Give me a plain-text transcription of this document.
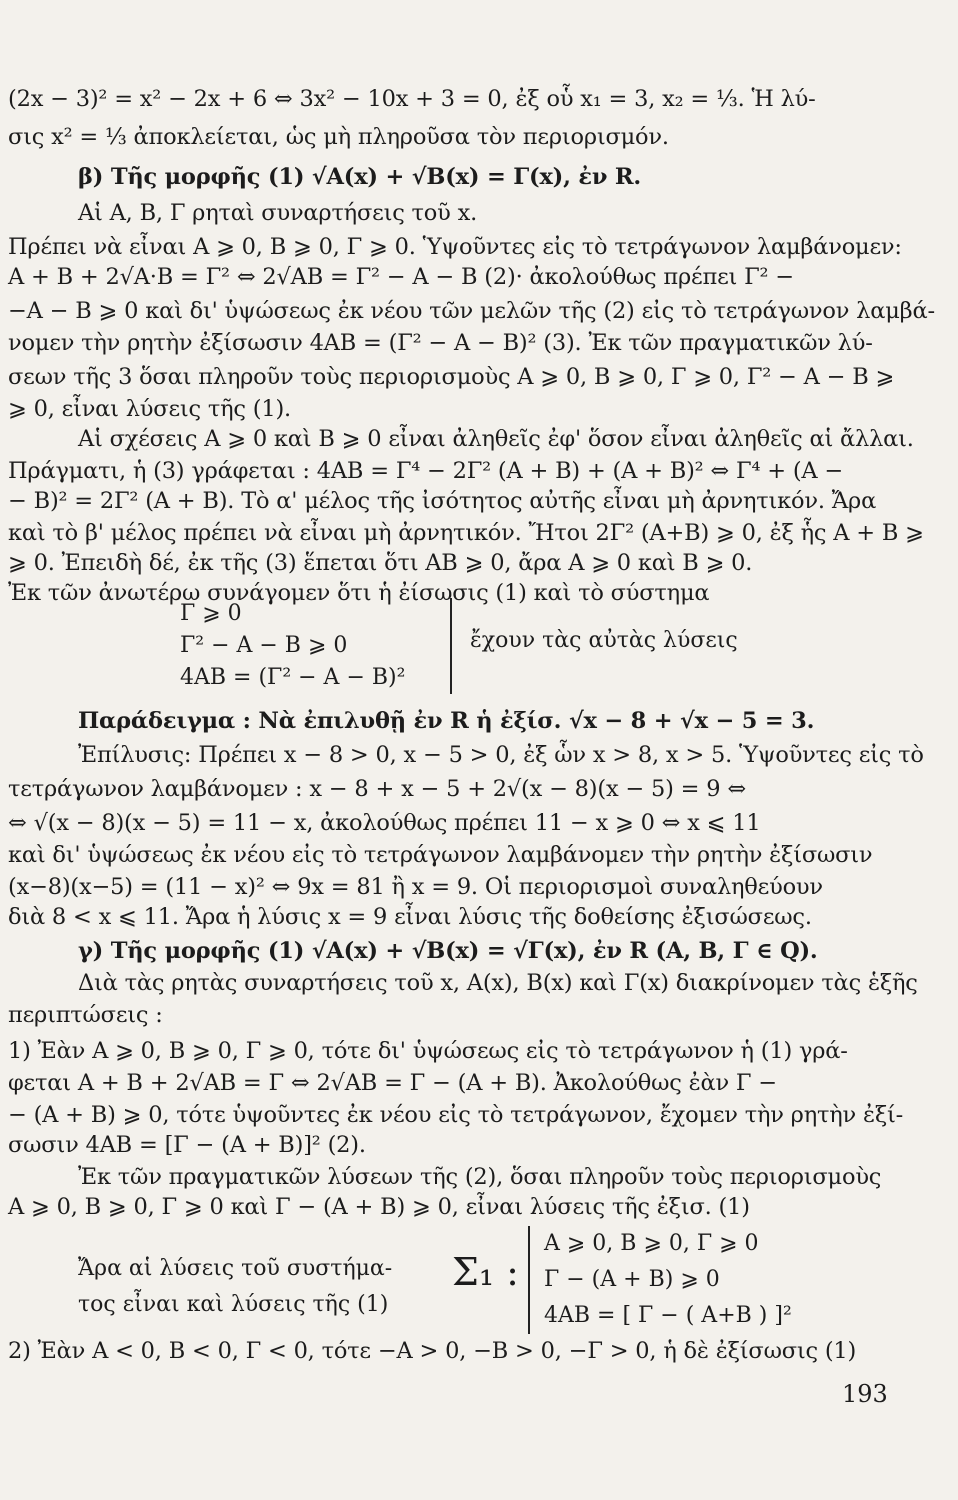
(2x − 3)² = x² − 2x + 6 ⇔ 3x² − 10x + 3 = 0, ἐξ οὗ x₁ = 3, x₂ = ⅓. Ἡ λύ-
σις x² = ⅓ ἀποκλείεται, ὡς μὴ πληροῦσα τὸν περιορισμόν.
β) Τῆς μορφῆς (1) √A(x) + √B(x) = Γ(x), ἐν R.
Αἱ Α, Β, Γ ρηταὶ συναρτήσεις τοῦ x.
Πρέπει νὰ εἶναι Α ⩾ 0, Β ⩾ 0, Γ ⩾ 0. Ὑψοῦντες εἰς τὸ τετράγωνον λαμβάνομεν:
Α + Β + 2√Α·Β = Γ² ⇔ 2√ΑΒ = Γ² − Α − Β (2)· ἀκολούθως πρέπει Γ² −
−Α − Β ⩾ 0 καὶ δι' ὑψώσεως ἐκ νέου τῶν μελῶν τῆς (2) εἰς τὸ τετράγωνον λαμβά-
νομεν τὴν ρητὴν ἐξίσωσιν 4ΑΒ = (Γ² − Α − Β)² (3). Ἐκ τῶν πραγματικῶν λύ-
σεων τῆς 3 ὅσαι πληροῦν τοὺς περιορισμοὺς Α ⩾ 0, Β ⩾ 0, Γ ⩾ 0, Γ² − Α − Β ⩾
⩾ 0, εἶναι λύσεις τῆς (1).
Αἱ σχέσεις Α ⩾ 0 καὶ Β ⩾ 0 εἶναι ἀληθεῖς ἐφ' ὅσον εἶναι ἀληθεῖς αἱ ἄλλαι.
Πράγματι, ἡ (3) γράφεται : 4ΑΒ = Γ⁴ − 2Γ² (Α + Β) + (Α + Β)² ⇔ Γ⁴ + (Α −
− Β)² = 2Γ² (Α + Β). Τὸ α' μέλος τῆς ἰσότητος αὐτῆς εἶναι μὴ ἀρνητικόν. Ἄρα
καὶ τὸ β' μέλος πρέπει νὰ εἶναι μὴ ἀρνητικόν. Ἤτοι 2Γ² (Α+Β) ⩾ 0, ἐξ ἧς Α + Β ⩾
⩾ 0. Ἐπειδὴ δέ, ἐκ τῆς (3) ἕπεται ὅτι ΑΒ ⩾ 0, ἄρα Α ⩾ 0 καὶ Β ⩾ 0.
Ἐκ τῶν ἀνωτέρω συνάγομεν ὅτι ἡ ἐίσωσις (1) καὶ τὸ σύστημα
Γ ⩾ 0
Γ² − Α − Β ⩾ 0
4ΑΒ = (Γ² − Α − Β)²
ἔχουν τὰς αὐτὰς λύσεις
Παράδειγμα : Νὰ ἐπιλυθῇ ἐν R ἡ ἐξίσ. √x − 8 + √x − 5 = 3.
Ἐπίλυσις: Πρέπει x − 8 > 0, x − 5 > 0, ἐξ ὧν x > 8, x > 5. Ὑψοῦντες εἰς τὸ
τετράγωνον λαμβάνομεν : x − 8 + x − 5 + 2√(x − 8)(x − 5) = 9 ⇔
⇔ √(x − 8)(x − 5) = 11 − x, ἀκολούθως πρέπει 11 − x ⩾ 0 ⇔ x ⩽ 11
καὶ δι' ὑψώσεως ἐκ νέου εἰς τὸ τετράγωνον λαμβάνομεν τὴν ρητὴν ἐξίσωσιν
(x−8)(x−5) = (11 − x)² ⇔ 9x = 81 ἢ x = 9. Οἱ περιορισμοὶ συναληθεύουν
διὰ 8 < x ⩽ 11. Ἄρα ἡ λύσις x = 9 εἶναι λύσις τῆς δοθείσης ἐξισώσεως.
γ) Τῆς μορφῆς (1) √A(x) + √B(x) = √Γ(x), ἐν R (A, B, Γ ∈ Q).
Διὰ τὰς ρητὰς συναρτήσεις τοῦ x, Α(x), Β(x) καὶ Γ(x) διακρίνομεν τὰς ἑξῆς
περιπτώσεις :
1) Ἐὰν Α ⩾ 0, Β ⩾ 0, Γ ⩾ 0, τότε δι' ὑψώσεως εἰς τὸ τετράγωνον ἡ (1) γρά-
φεται Α + Β + 2√ΑΒ = Γ ⇔ 2√ΑΒ = Γ − (Α + Β). Ἀκολούθως ἐὰν Γ −
− (Α + Β) ⩾ 0, τότε ὑψοῦντες ἐκ νέου εἰς τὸ τετράγωνον, ἔχομεν τὴν ρητὴν ἐξί-
σωσιν 4ΑΒ = [Γ − (Α + Β)]² (2).
Ἐκ τῶν πραγματικῶν λύσεων τῆς (2), ὅσαι πληροῦν τοὺς περιορισμοὺς
Α ⩾ 0, Β ⩾ 0, Γ ⩾ 0 καὶ Γ − (Α + Β) ⩾ 0, εἶναι λύσεις τῆς ἐξισ. (1)
Ἄρα αἱ λύσεις τοῦ συστήμα-
τος εἶναι καὶ λύσεις τῆς (1)
Σ₁ :
Α ⩾ 0, Β ⩾ 0, Γ ⩾ 0
Γ − (Α + Β) ⩾ 0
4ΑΒ = [ Γ − ( Α+Β ) ]²
2) Ἐὰν Α < 0, Β < 0, Γ < 0, τότε −Α > 0, −Β > 0, −Γ > 0, ἡ δὲ ἐξίσωσις (1)
193
